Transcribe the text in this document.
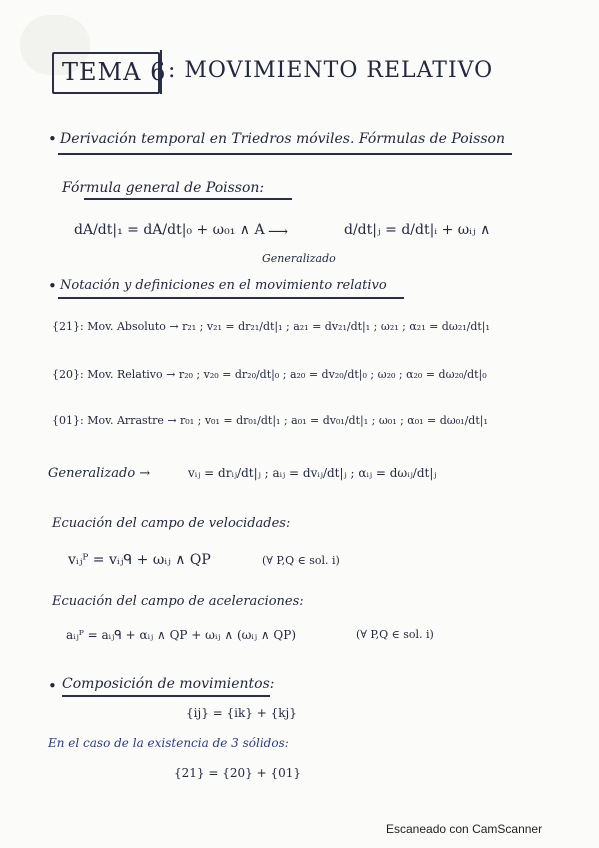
TEMA 6 : MOVIMIENTO RELATIVO
• Derivación temporal en Triedros móviles. Fórmulas de Poisson
Fórmula general de Poisson:
dA/dt|₁ = dA/dt|₀ + ω₀₁ ∧ A ⟶
Generalizado
d/dt|ⱼ = d/dt|ᵢ + ωᵢⱼ ∧
• Notación y definiciones en el movimiento relativo
{21}: Mov. Absoluto → r₂₁ ; v₂₁ = dr₂₁/dt|₁ ; a₂₁ = dv₂₁/dt|₁ ; ω₂₁ ; α₂₁ = dω₂₁/dt|₁
{20}: Mov. Relativo → r₂₀ ; v₂₀ = dr₂₀/dt|₀ ; a₂₀ = dv₂₀/dt|₀ ; ω₂₀ ; α₂₀ = dω₂₀/dt|₀
{01}: Mov. Arrastre → r₀₁ ; v₀₁ = dr₀₁/dt|₁ ; a₀₁ = dv₀₁/dt|₁ ; ω₀₁ ; α₀₁ = dω₀₁/dt|₁
Generalizado →	vᵢⱼ = drᵢⱼ/dt|ⱼ ; aᵢⱼ = dvᵢⱼ/dt|ⱼ ; αᵢⱼ = dωᵢⱼ/dt|ⱼ
Ecuación del campo de velocidades:
vᵢⱼᴾ = vᵢⱼᑫ + ωᵢⱼ ∧ QP	(∀ P,Q ∈ sol. i)
Ecuación del campo de aceleraciones:
aᵢⱼᴾ = aᵢⱼᑫ + αᵢⱼ ∧ QP + ωᵢⱼ ∧ (ωᵢⱼ ∧ QP)	(∀ P,Q ∈ sol. i)
• Composición de movimientos:
{ij} = {ik} + {kj}
En el caso de la existencia de 3 sólidos:
{21} = {20} + {01}
Escaneado con CamScanner
